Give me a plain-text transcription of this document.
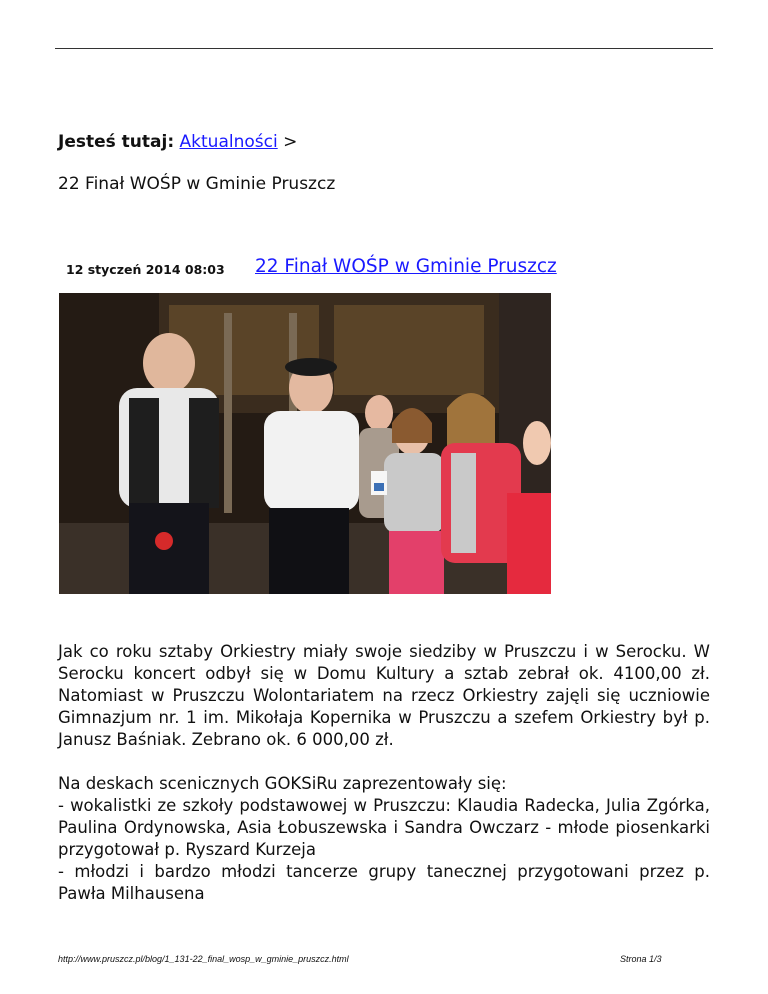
Jesteś tutaj: Aktualności >
22 Finał WOŚP w Gminie Pruszcz
12 styczeń 2014 08:03 22 Finał WOŚP w Gminie Pruszcz

Jak co roku sztaby Orkiestry miały swoje siedziby w Pruszczu i w Serocku. W Serocku koncert odbył się w Domu Kultury a sztab zebrał ok. 4100,00 zł. Natomiast w Pruszczu Wolontariatem na rzecz Orkiestry zajęli się uczniowie Gimnazjum nr. 1 im. Mikołaja Kopernika w Pruszczu a szefem Orkiestry był p. Janusz Baśniak. Zebrano ok. 6 000,00 zł.

Na deskach scenicznych GOKSiRu zaprezentowały się:
- wokalistki ze szkoły podstawowej w Pruszczu: Klaudia Radecka, Julia Zgórka, Paulina Ordynowska, Asia Łobuszewska i Sandra Owczarz - młode piosenkarki przygotował p. Ryszard Kurzeja
- młodzi i bardzo młodzi tancerze grupy tanecznej przygotowani przez p. Pawła Milhausena

http://www.pruszcz.pl/blog/1_131-22_final_wosp_w_gminie_pruszcz.html	Strona 1/3
